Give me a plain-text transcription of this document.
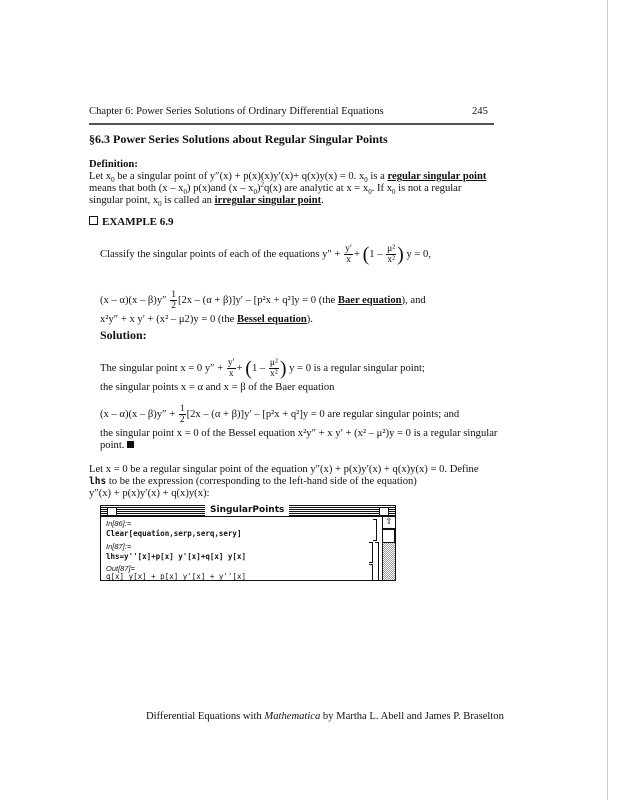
Chapter 6: Power Series Solutions of Ordinary Differential Equations	245
§6.3 Power Series Solutions about Regular Singular Points
Definition:
Let $x_0$ be a singular point of y″(x) + p(x)(x)y′(x)+ q(x)y(x) = 0. $x_0$ is a regular singular point
means that both $(x - x_0)$ p(x)and $(x - x_0)^2q(x)$ are analytic at $x = x_0$. If $x_0$ is not a regular
singular point, $x_0$ is called an irregular singular point.
EXAMPLE 6.9
Classify the singular points of each of the equations $y'' + \frac{y'}{x} + (1 - \frac{\text{μ²}}{\text{x²}}$ ) y = 0,
$(x - \alpha)(x - \beta)y'' \frac{1}{2} [2x - (\alpha + \beta)]y' - [p^2x + q^2]y = 0$ (the Baer equation), and
x²y″ + x y′ + (x² – μ2)y = 0 (the Bessel equation).
Solution:
The singular point x = 0 $y'' + \frac{y'}{x} + (1 - \frac{\text{μ²}}{\text{x²}}$ ) y = 0 is a regular singular point;
the singular points x = α and x = β of the Baer equation
$(x - \alpha)(x - \beta)y'' + \frac{1}{2} [2x - (\alpha + \beta)]y' - [p^2x + q^2]y = 0$ are regular singular points; and
the singular point x = 0 of the Bessel equation x²y″ + x y′ + (x² – μ²)y = 0 is a regular singular
point.
Let x = 0 be a regular singular point of the equation y″(x) + p(x)y′(x) + q(x)y(x) = 0. Define
lhs to be the expression (corresponding to the left-hand side of the equation)
y″(x) + p(x)y′(x) + q(x)y(x):
SingularPoints
In[86]:=
Clear[equation,serp,serq,sery]
In[87]:=
lhs=y''[x]+p[x] y'[x]+q[x] y[x]
Out[87]=
q[x] y[x] + p[x] y'[x] + y''[x]
⇧
Differential Equations with Mathematica by Martha L. Abell and James P. Braselton
